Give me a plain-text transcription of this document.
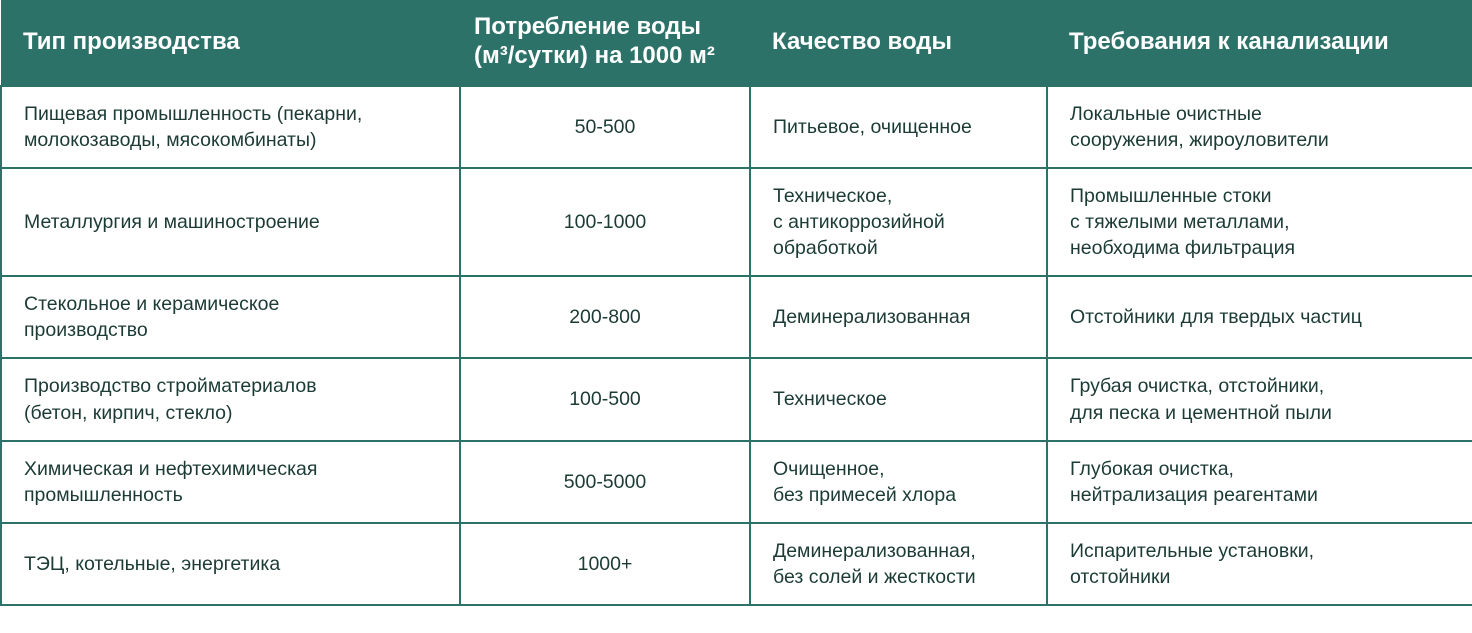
Тип производства	Потребление воды
(м³/сутки) на 1000 м²	Качество воды	Требования к канализации

Пищевая промышленность (пекарни,
молокозаводы, мясокомбинаты)	50-500	Питьевое, очищенное	Локальные очистные
сооружения, жироуловители

Металлургия и машиностроение	100-1000	Техническое,
с антикоррозийной
обработкой	Промышленные стоки
с тяжелыми металлами,
необходима фильтрация

Стекольное и керамическое
производство	200-800	Деминерализованная	Отстойники для твердых частиц

Производство стройматериалов
(бетон, кирпич, стекло)	100-500	Техническое	Грубая очистка, отстойники,
для песка и цементной пыли

Химическая и нефтехимическая
промышленность	500-5000	Очищенное,
без примесей хлора	Глубокая очистка,
нейтрализация реагентами

ТЭЦ, котельные, энергетика	1000+	Деминерализованная,
без солей и жесткости	Испарительные установки,
отстойники
